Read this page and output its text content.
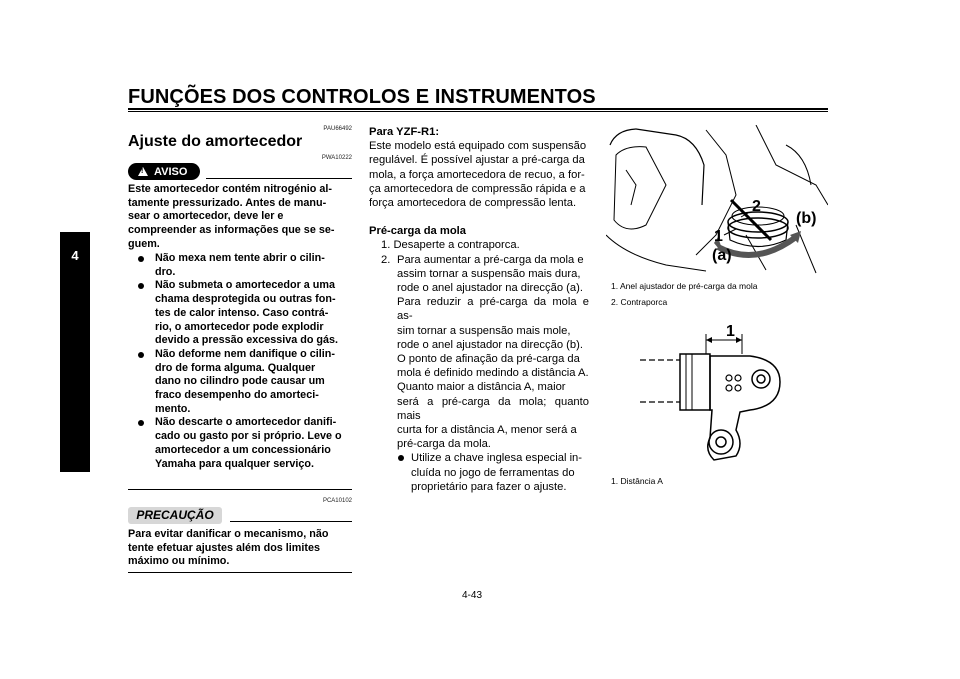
FUNÇÕES DOS CONTROLOS E INSTRUMENTOS
4
PAU66492
Ajuste do amortecedor
PWA10222
! AVISO
Este amortecedor contém nitrogénio al-
tamente pressurizado. Antes de manu-
sear o amortecedor, deve ler e
compreender as informações que se se-
guem.
Não mexa nem tente abrir o cilin-
dro.
Não submeta o amortecedor a uma
chama desprotegida ou outras fon-
tes de calor intenso. Caso contrá-
rio, o amortecedor pode explodir
devido a pressão excessiva do gás.
Não deforme nem danifique o cilin-
dro de forma alguma. Qualquer
dano no cilindro pode causar um
fraco desempenho do amorteci-
mento.
Não descarte o amortecedor danifi-
cado ou gasto por si próprio. Leve o
amortecedor a um concessionário
Yamaha para qualquer serviço.
PCA10102
PRECAUÇÃO
Para evitar danificar o mecanismo, não
tente efetuar ajustes além dos limites
máximo ou mínimo.
Para YZF-R1:
Este modelo está equipado com suspensão
regulável. É possível ajustar a pré-carga da
mola, a força amortecedora de recuo, a for-
ça amortecedora de compressão rápida e a
força amortecedora de compressão lenta.
Pré-carga da mola
1. Desaperte a contraporca.
2. Para aumentar a pré-carga da mola e
assim tornar a suspensão mais dura,
rode o anel ajustador na direcção (a).
Para reduzir a pré-carga da mola e as-
sim tornar a suspensão mais mole,
rode o anel ajustador na direcção (b).
O ponto de afinação da pré-carga da
mola é definido medindo a distância A.
Quanto maior a distância A, maior
será a pré-carga da mola; quanto mais
curta for a distância A, menor será a
pré-carga da mola.
Utilize a chave inglesa especial in-
cluída no jogo de ferramentas do
proprietário para fazer o ajuste.
2
(b)
1
(a)
1. Anel ajustador de pré-carga da mola
2. Contraporca
1
1. Distância A
4-43
